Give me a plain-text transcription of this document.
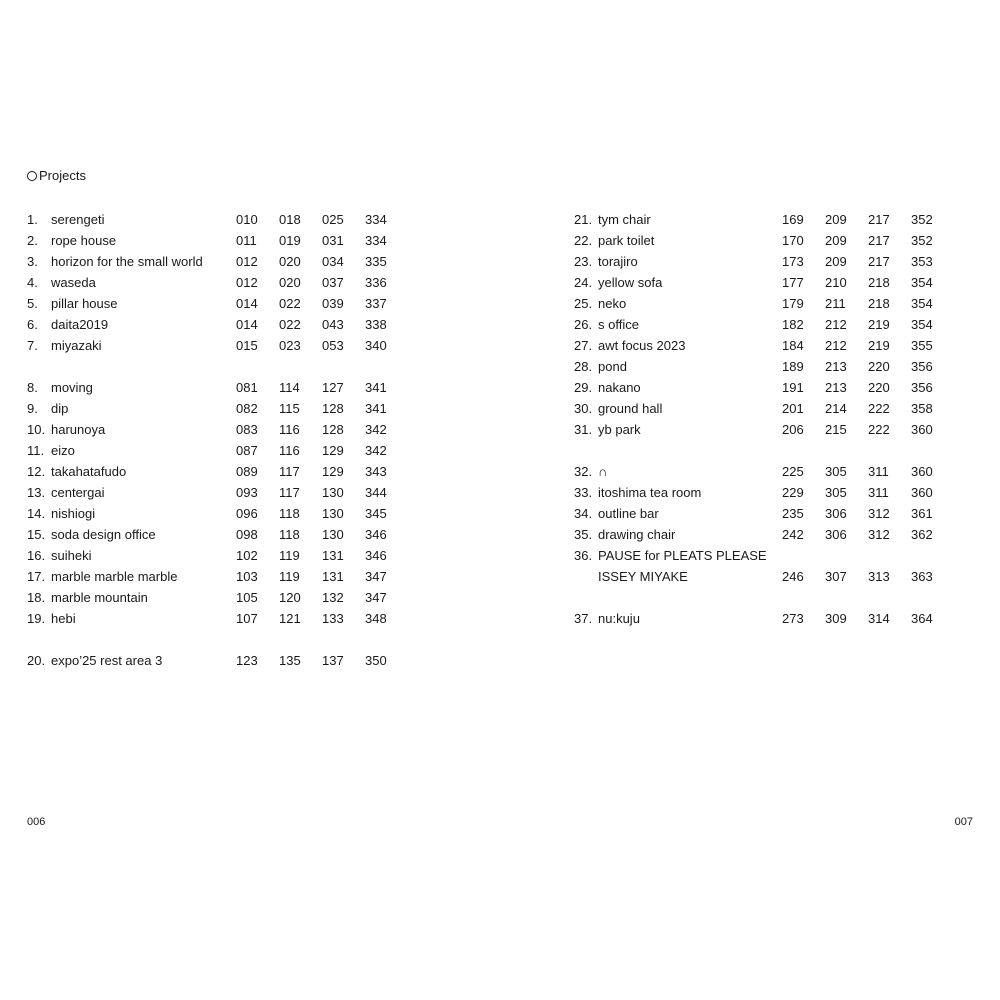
Projects
1. serengeti	010 018 025 334
2. rope house	011 019 031 334
3. horizon for the small world	012 020 034 335
4. waseda	012 020 037 336
5. pillar house	014 022 039 337
6. daita2019	014 022 043 338
7. miyazaki	015 023 053 340
8. moving	081 114 127 341
9. dip	082 115 128 341
10. harunoya	083 116 128 342
11. eizo	087 116 129 342
12. takahatafudo	089 117 129 343
13. centergai	093 117 130 344
14. nishiogi	096 118 130 345
15. soda design office	098 118 130 346
16. suiheki	102 119 131 346
17. marble marble marble	103 119 131 347
18. marble mountain	105 120 132 347
19. hebi	107 121 133 348
20. expo’25 rest area 3	123 135 137 350
21. tym chair	169 209 217 352
22. park toilet	170 209 217 352
23. torajiro	173 209 217 353
24. yellow sofa	177 210 218 354
25. neko	179 211 218 354
26. s office	182 212 219 354
27. awt focus 2023	184 212 219 355
28. pond	189 213 220 356
29. nakano	191 213 220 356
30. ground hall	201 214 222 358
31. yb park	206 215 222 360
32. ∩	225 305 311 360
33. itoshima tea room	229 305 311 360
34. outline bar	235 306 312 361
35. drawing chair	242 306 312 362
36. PAUSE for PLEATS PLEASE
ISSEY MIYAKE	246 307 313 363
37. nu:kuju	273 309 314 364
006	007
